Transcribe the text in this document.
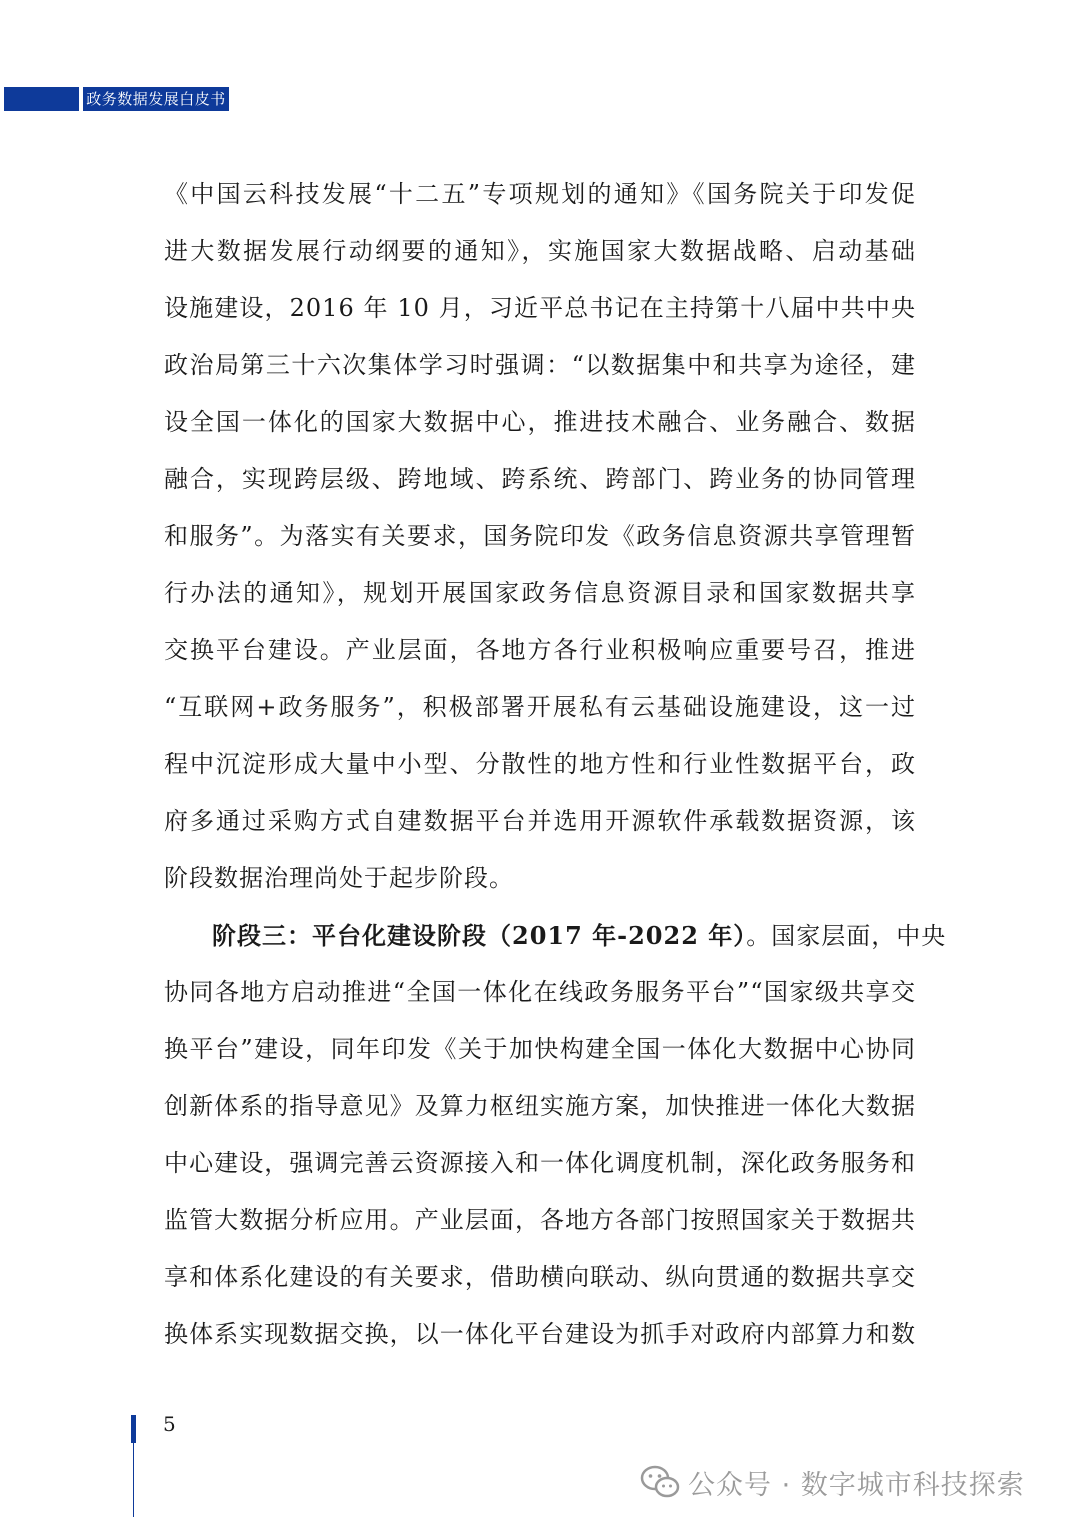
政务数据发展白皮书
《中国云科技发展“十二五”专项规划的通知》《国务院关于印发促
进大数据发展行动纲要的通知》，实施国家大数据战略、启动基础
设施建设，2016 年 10 月，习近平总书记在主持第十八届中共中央
政治局第三十六次集体学习时强调：“以数据集中和共享为途径，建
设全国一体化的国家大数据中心，推进技术融合、业务融合、数据
融合，实现跨层级、跨地域、跨系统、跨部门、跨业务的协同管理
和服务”。为落实有关要求，国务院印发《政务信息资源共享管理暂
行办法的通知》，规划开展国家政务信息资源目录和国家数据共享
交换平台建设。产业层面，各地方各行业积极响应重要号召，推进
“互联网+政务服务”，积极部署开展私有云基础设施建设，这一过
程中沉淀形成大量中小型、分散性的地方性和行业性数据平台，政
府多通过采购方式自建数据平台并选用开源软件承载数据资源，该
阶段数据治理尚处于起步阶段。
阶段三：平台化建设阶段（2017 年-2022 年）。国家层面，中央
协同各地方启动推进“全国一体化在线政务服务平台”“国家级共享交
换平台”建设，同年印发《关于加快构建全国一体化大数据中心协同
创新体系的指导意见》及算力枢纽实施方案，加快推进一体化大数据
中心建设，强调完善云资源接入和一体化调度机制，深化政务服务和
监管大数据分析应用。产业层面，各地方各部门按照国家关于数据共
享和体系化建设的有关要求，借助横向联动、纵向贯通的数据共享交
换体系实现数据交换，以一体化平台建设为抓手对政府内部算力和数
5
公众号 · 数字城市科技探索
